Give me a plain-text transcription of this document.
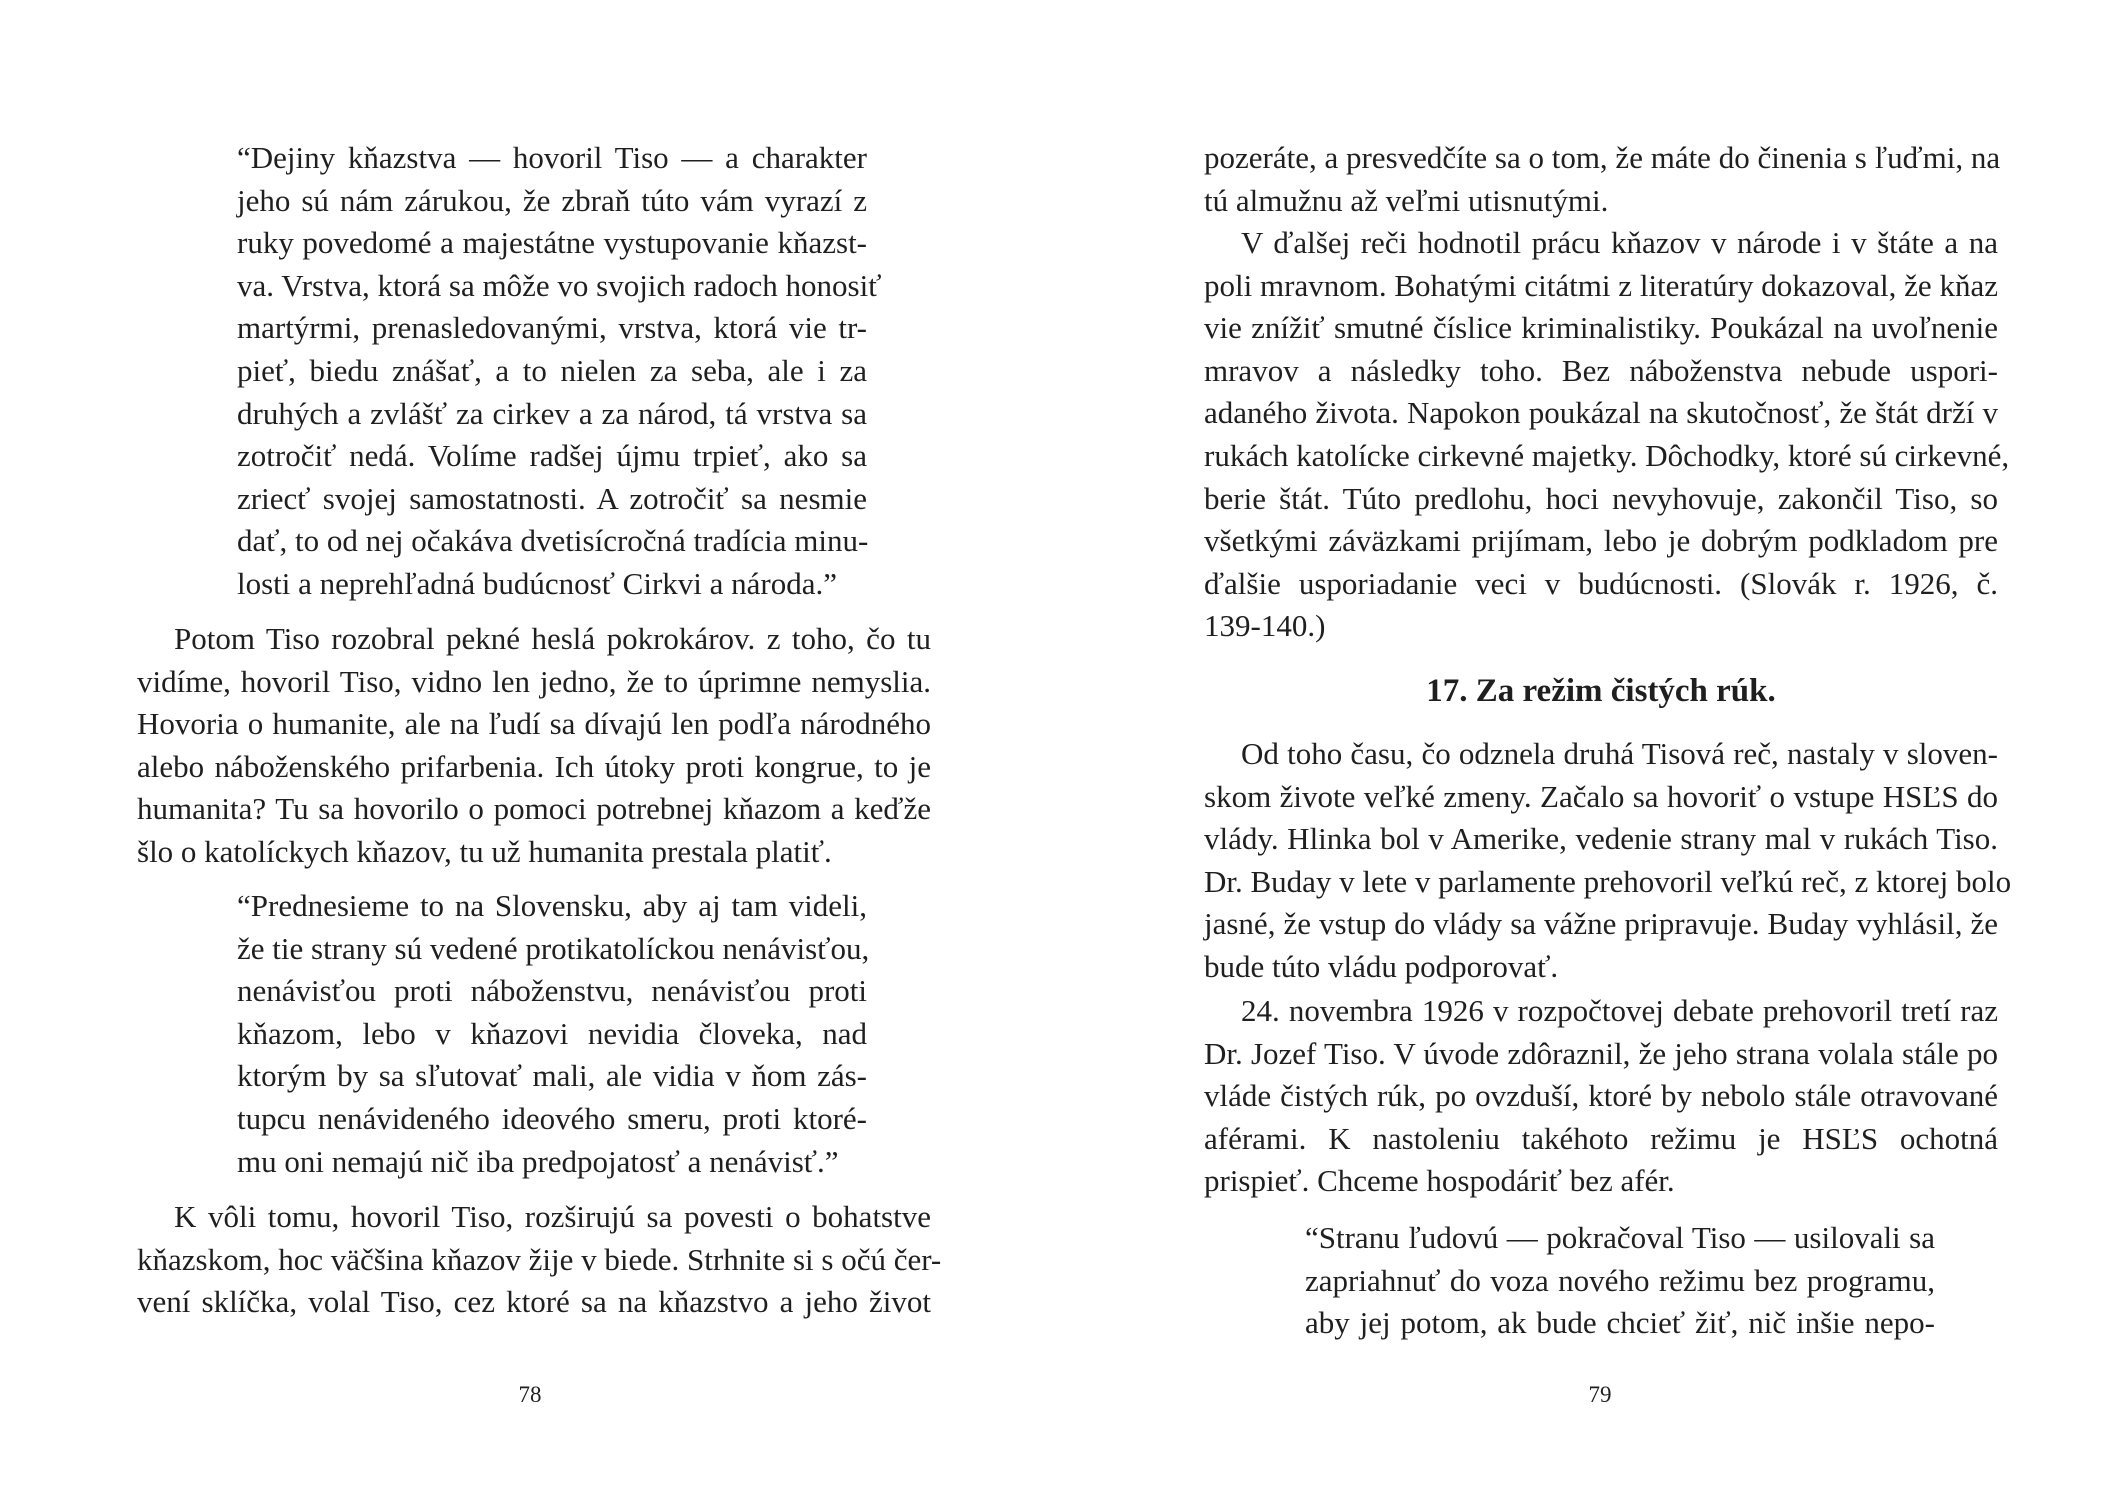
“Dejiny kňazstva — hovoril Tiso — a charakter
jeho sú nám zárukou, že zbraň túto vám vyrazí z
ruky povedomé a majestátne vystupovanie kňazst-
va. Vrstva, ktorá sa môže vo svojich radoch honosiť
martýrmi, prenasledovanými, vrstva, ktorá vie tr-
pieť, biedu znášať, a to nielen za seba, ale i za
druhých a zvlášť za cirkev a za národ, tá vrstva sa
zotročiť nedá. Volíme radšej újmu trpieť, ako sa
zriecť svojej samostatnosti. A zotročiť sa nesmie
dať, to od nej očakáva dvetisícročná tradícia minu-
losti a neprehľadná budúcnosť Cirkvi a národa.”
Potom Tiso rozobral pekné heslá pokrokárov. z toho, čo tu
vidíme, hovoril Tiso, vidno len jedno, že to úprimne nemyslia.
Hovoria o humanite, ale na ľudí sa dívajú len podľa národného
alebo náboženského prifarbenia. Ich útoky proti kongrue, to je
humanita? Tu sa hovorilo o pomoci potrebnej kňazom a keďže
šlo o katolíckych kňazov, tu už humanita prestala platiť.
“Prednesieme to na Slovensku, aby aj tam videli,
že tie strany sú vedené protikatolíckou nenávisťou,
nenávisťou proti náboženstvu, nenávisťou proti
kňazom, lebo v kňazovi nevidia človeka, nad
ktorým by sa sľutovať mali, ale vidia v ňom zás-
tupcu nenávideného ideového smeru, proti ktoré-
mu oni nemajú nič iba predpojatosť a nenávisť.”
K vôli tomu, hovoril Tiso, rozširujú sa povesti o bohatstve
kňazskom, hoc väčšina kňazov žije v biede. Strhnite si s očú čer-
vení sklíčka, volal Tiso, cez ktoré sa na kňazstvo a jeho život
78
pozeráte, a presvedčíte sa o tom, že máte do činenia s ľuďmi, na
tú almužnu až veľmi utisnutými.
V ďalšej reči hodnotil prácu kňazov v národe i v štáte a na
poli mravnom. Bohatými citátmi z literatúry dokazoval, že kňaz
vie znížiť smutné číslice kriminalistiky. Poukázal na uvoľnenie
mravov a následky toho. Bez náboženstva nebude uspori-
adaného života. Napokon poukázal na skutočnosť, že štát drží v
rukách katolícke cirkevné majetky. Dôchodky, ktoré sú cirkevné,
berie štát. Túto predlohu, hoci nevyhovuje, zakončil Tiso, so
všetkými záväzkami prijímam, lebo je dobrým podkladom pre
ďalšie usporiadanie veci v budúcnosti. (Slovák r. 1926, č.
139-140.)
Od toho času, čo odznela druhá Tisová reč, nastaly v sloven-
skom živote veľké zmeny. Začalo sa hovoriť o vstupe HSĽS do
vlády. Hlinka bol v Amerike, vedenie strany mal v rukách Tiso.
Dr. Buday v lete v parlamente prehovoril veľkú reč, z ktorej bolo
jasné, že vstup do vlády sa vážne pripravuje. Buday vyhlásil, že
bude túto vládu podporovať.
24. novembra 1926 v rozpočtovej debate prehovoril tretí raz
Dr. Jozef Tiso. V úvode zdôraznil, že jeho strana volala stále po
vláde čistých rúk, po ovzduší, ktoré by nebolo stále otravované
aférami. K nastoleniu takéhoto režimu je HSĽS ochotná
prispieť. Chceme hospodáriť bez afér.
“Stranu ľudovú — pokračoval Tiso — usilovali sa
zapriahnuť do voza nového režimu bez programu,
aby jej potom, ak bude chcieť žiť, nič inšie nepo-
17. Za režim čistých rúk.
79
